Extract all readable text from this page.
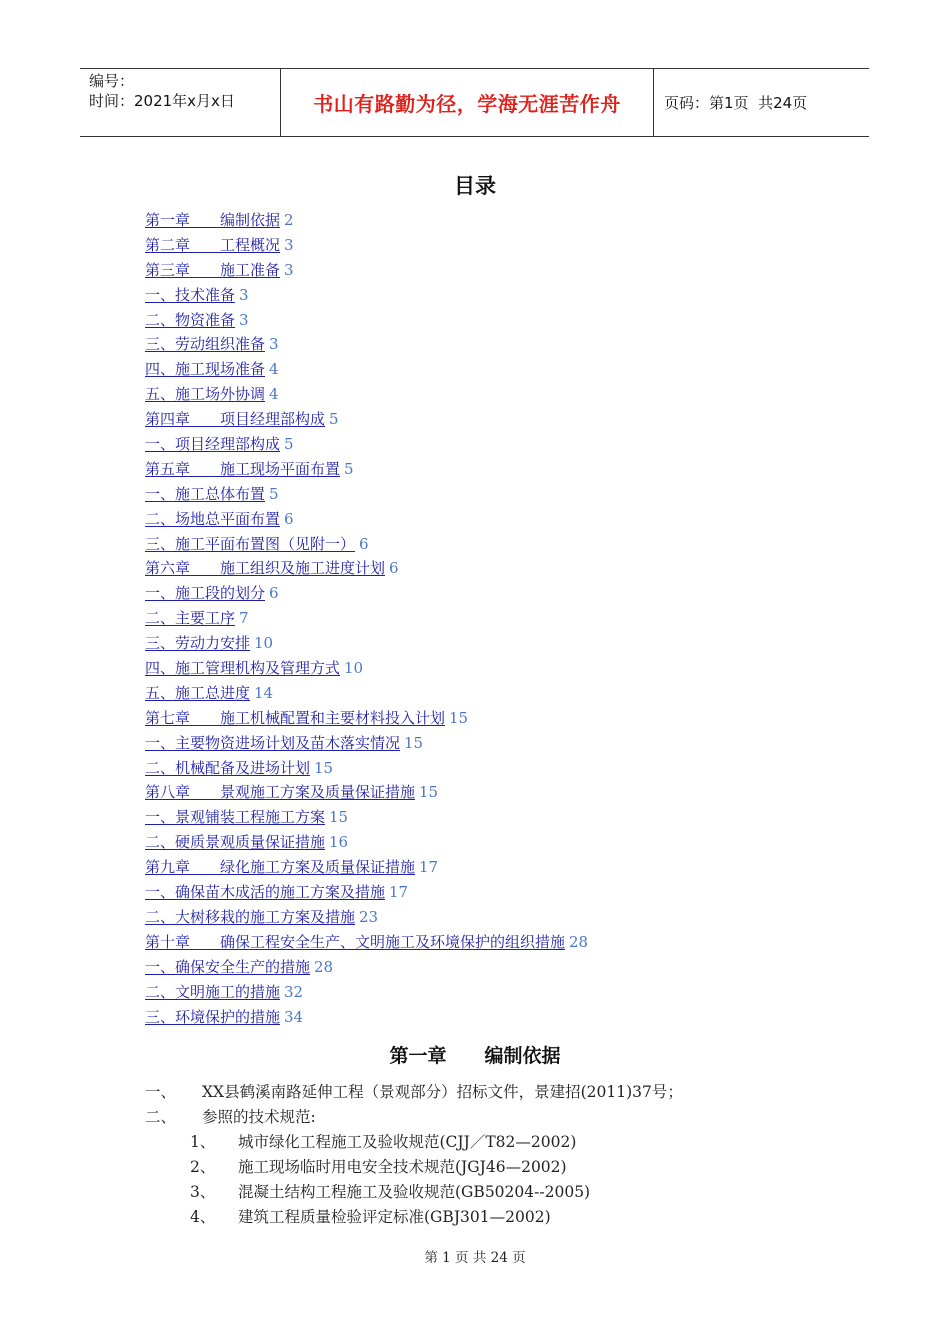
编号：
时间：2021年x月x日	书山有路勤为径，学海无涯苦作舟	页码：第1页  共24页
目录
第一章　　编制依据 2
第二章　　工程概况 3
第三章　　施工准备 3
一、技术准备 3
二、物资准备 3
三、劳动组织准备 3
四、施工现场准备 4
五、施工场外协调 4
第四章　　项目经理部构成 5
一、项目经理部构成 5
第五章　　施工现场平面布置 5
一、施工总体布置 5
二、场地总平面布置 6
三、施工平面布置图（见附一） 6
第六章　　施工组织及施工进度计划 6
一、施工段的划分 6
二、主要工序 7
三、劳动力安排 10
四、施工管理机构及管理方式 10
五、施工总进度 14
第七章　　施工机械配置和主要材料投入计划 15
一、主要物资进场计划及苗木落实情况 15
二、机械配备及进场计划 15
第八章　　景观施工方案及质量保证措施 15
一、景观铺装工程施工方案 15
二、硬质景观质量保证措施 16
第九章　　绿化施工方案及质量保证措施 17
一、确保苗木成活的施工方案及措施 17
二、大树移栽的施工方案及措施 23
第十章　　确保工程安全生产、文明施工及环境保护的组织措施 28
一、确保安全生产的措施 28
二、文明施工的措施 32
三、环境保护的措施 34
第一章　　编制依据
一、 XX县鹤溪南路延伸工程（景观部分）招标文件，景建招(2011)37号；
二、 参照的技术规范:
1、 城市绿化工程施工及验收规范(CJJ／T82—2002)
2、 施工现场临时用电安全技术规范(JGJ46—2002)
3、 混凝土结构工程施工及验收规范(GB50204--2005)
4、 建筑工程质量检验评定标准(GBJ301—2002)
第 1 页 共 24 页
